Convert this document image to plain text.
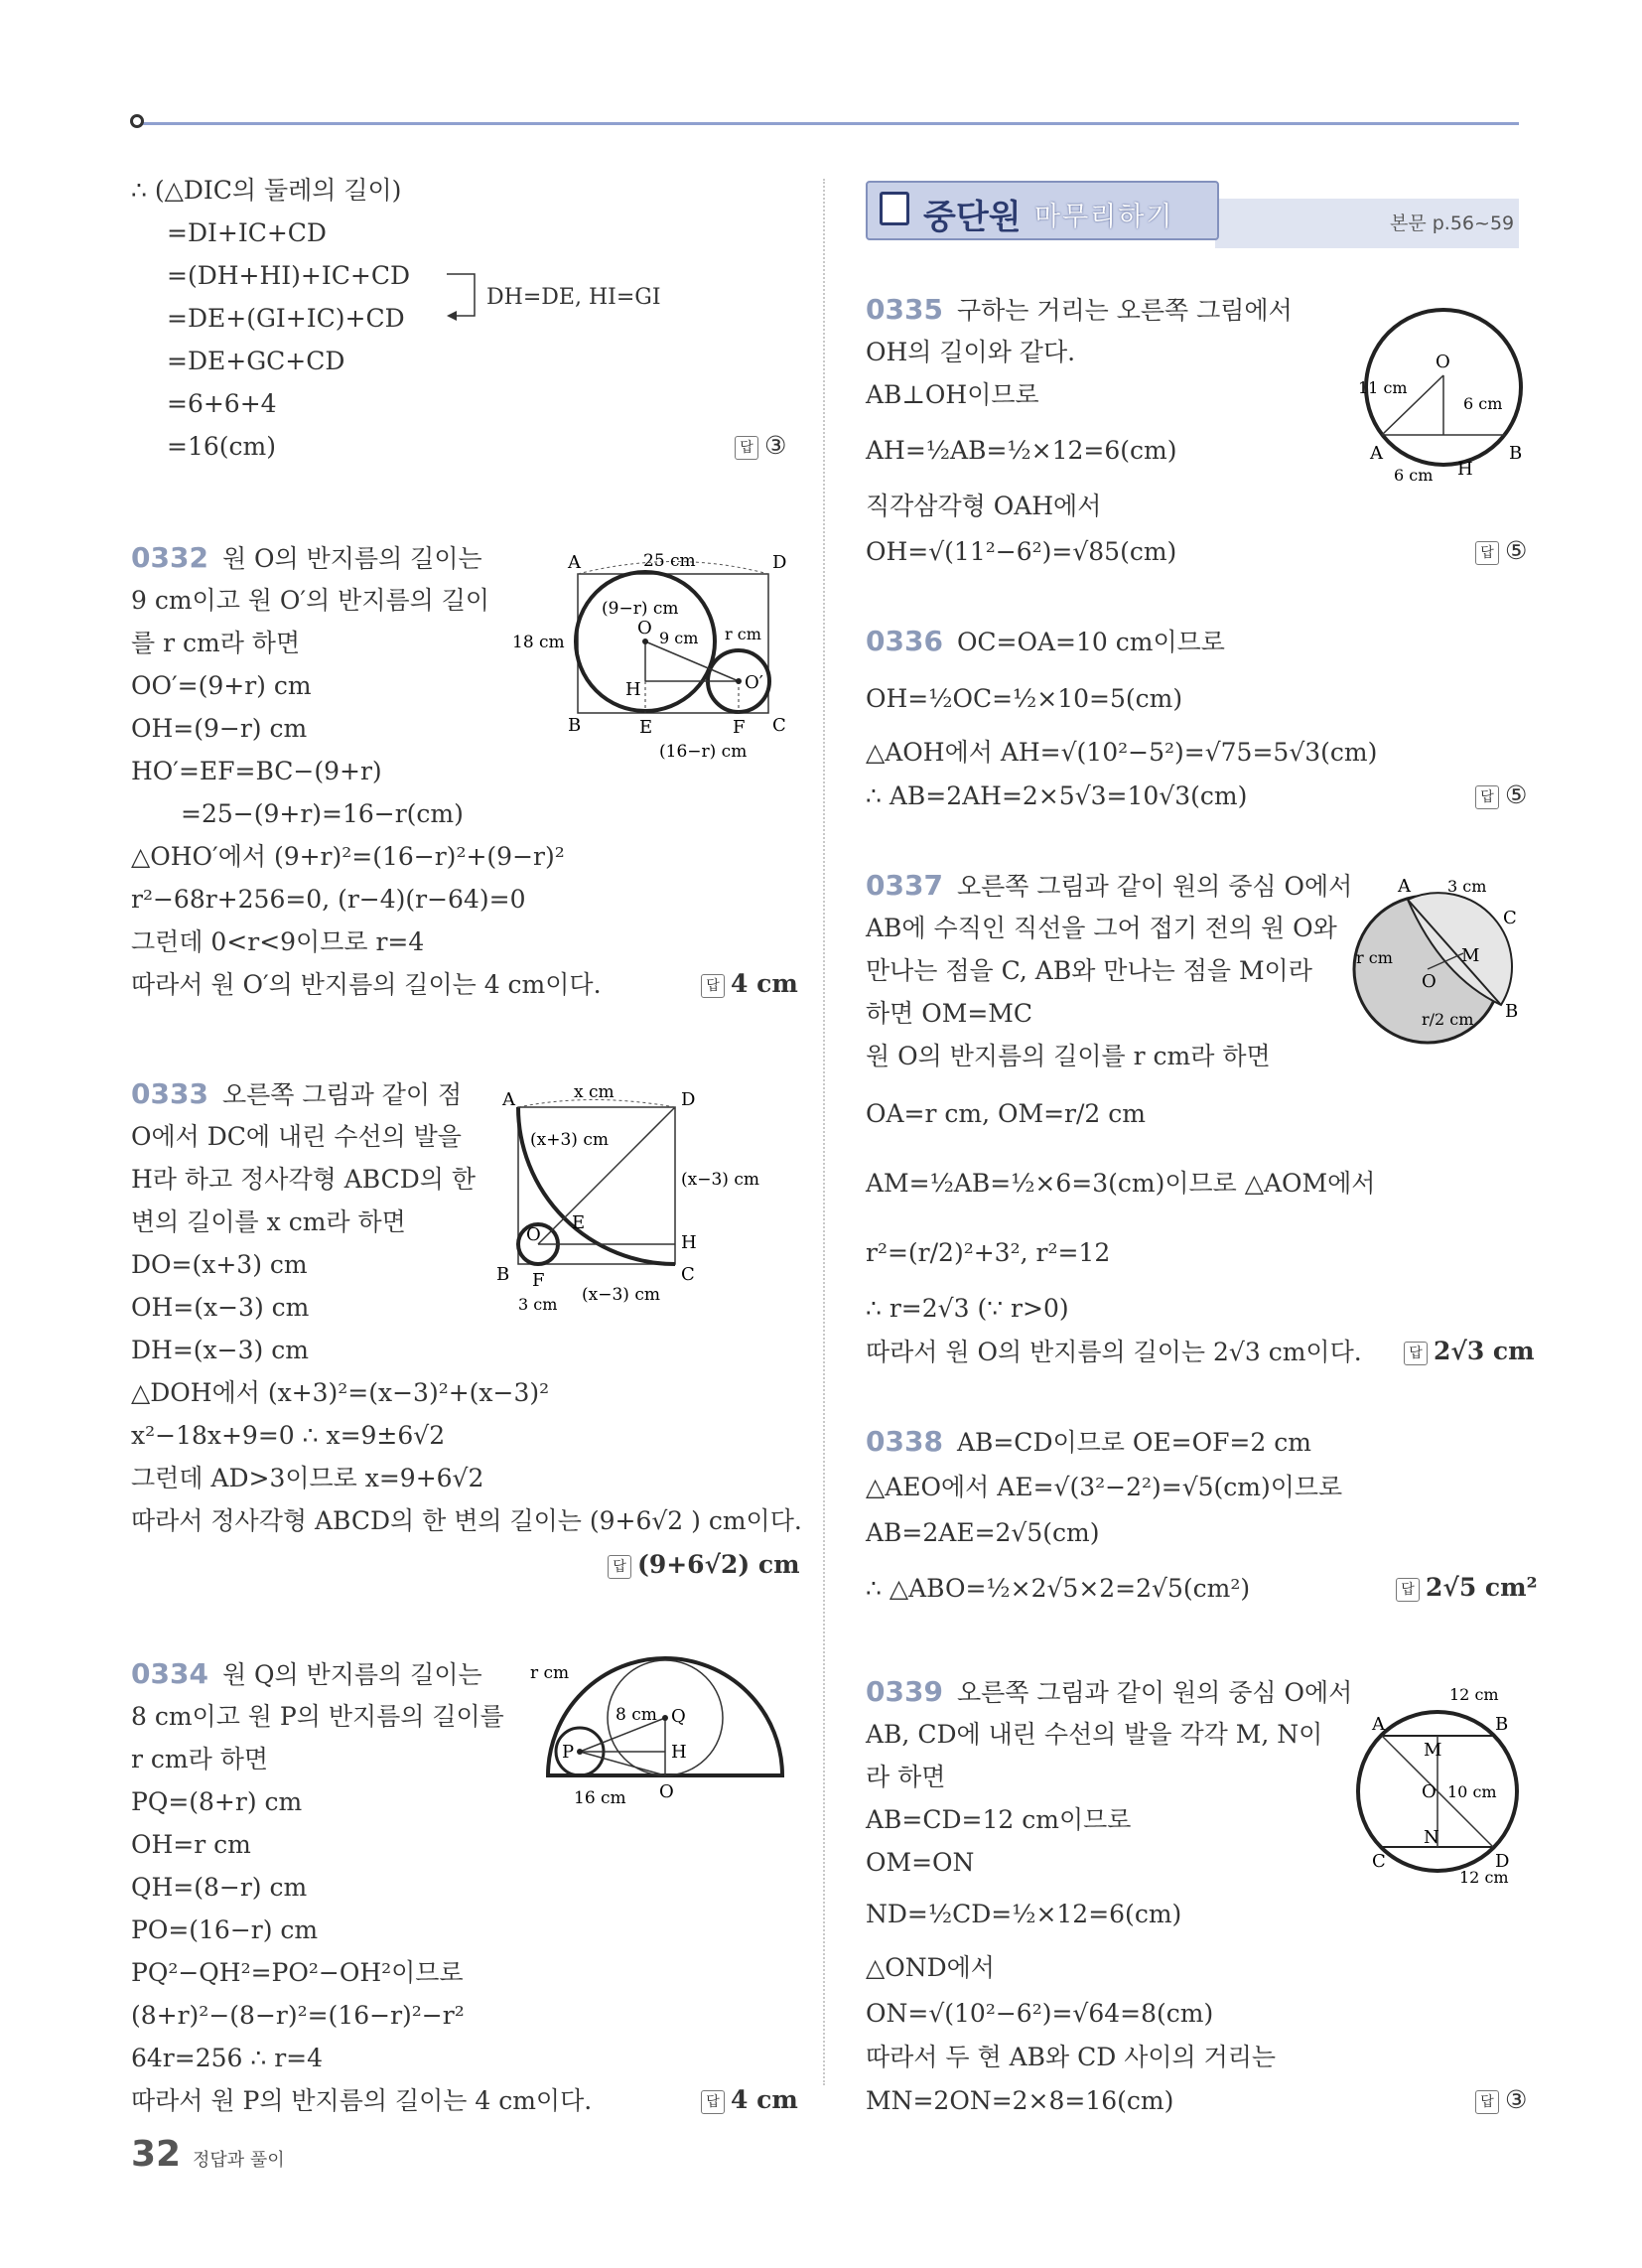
∴ (△DIC의 둘레의 길이)
=DI+IC+CD
=(DH+HI)+IC+CD
=DE+(GI+IC)+CD
=DE+GC+CD
=6+6+4
=16(cm)
DH=DE, HI=GI
답 ③
0332 원 O의 반지름의 길이는
9 cm이고 원 O′의 반지름의 길이
를 r cm라 하면
OO′=(9+r) cm
OH=(9−r) cm
HO′=EF=BC−(9+r)
=25−(9+r)=16−r(cm)
△OHO′에서 (9+r)²=(16−r)²+(9−r)²
r²−68r+256=0, (r−4)(r−64)=0
그런데 0<r<9이므로 r=4
따라서 원 O′의 반지름의 길이는 4 cm이다.	답 4 cm
A	D
B	C
E	F
H
O
O′
25 cm
18 cm
(9−r) cm
9 cm r cm
(16−r) cm
0333 오른쪽 그림과 같이 점
O에서 DC에 내린 수선의 발을
H라 하고 정사각형 ABCD의 한
변의 길이를 x cm라 하면
DO=(x+3) cm
OH=(x−3) cm
DH=(x−3) cm
△DOH에서 (x+3)²=(x−3)²+(x−3)²
x²−18x+9=0 ∴ x=9±6√2
그런데 AD>3이므로 x=9+6√2
따라서 정사각형 ABCD의 한 변의 길이는 (9+6√2 ) cm이다.
답 (9+6√2) cm
A	D
B	C
E
F
H
O
x cm
(x+3) cm
(x−3) cm
(x−3) cm
3 cm
0334 원 Q의 반지름의 길이는
8 cm이고 원 P의 반지름의 길이를
r cm라 하면
PQ=(8+r) cm
OH=r cm
QH=(8−r) cm
PO=(16−r) cm
PQ²−QH²=PO²−OH²이므로
(8+r)²−(8−r)²=(16−r)²−r²
64r=256 ∴ r=4
따라서 원 P의 반지름의 길이는 4 cm이다.	답 4 cm
r cm
8 cm
16 cm
P
Q
H
O
중단원 마무리하기	본문 p.56~59
0335 구하는 거리는 오른쪽 그림에서
OH의 길이와 같다.
AB⊥OH이므로
AH=½AB=½×12=6(cm)
직각삼각형 OAH에서
OH=√(11²−6²)=√85(cm)	답 ⑤
O
A	B
H
11 cm
6 cm
6 cm
0336 OC=OA=10 cm이므로
OH=½OC=½×10=5(cm)
△AOH에서 AH=√(10²−5²)=√75=5√3(cm)
∴ AB=2AH=2×5√3=10√3(cm)	답 ⑤
0337 오른쪽 그림과 같이 원의 중심 O에서
AB에 수직인 직선을 그어 접기 전의 원 O와
만나는 점을 C, AB와 만나는 점을 M이라
하면 OM=MC
원 O의 반지름의 길이를 r cm라 하면
OA=r cm, OM=r/2 cm
AM=½AB=½×6=3(cm)이므로 △AOM에서
r²=(r/2)²+3², r²=12
∴ r=2√3 (∵ r>0)
따라서 원 O의 반지름의 길이는 2√3 cm이다.	답 2√3 cm
A
B
C
M
O
3 cm
r cm
r/2 cm
0338 AB=CD이므로 OE=OF=2 cm
△AEO에서 AE=√(3²−2²)=√5(cm)이므로
AB=2AE=2√5(cm)
∴ △ABO=½×2√5×2=2√5(cm²)	답 2√5 cm²
0339 오른쪽 그림과 같이 원의 중심 O에서
AB, CD에 내린 수선의 발을 각각 M, N이
라 하면
AB=CD=12 cm이므로
OM=ON
ND=½CD=½×12=6(cm)
△OND에서
ON=√(10²−6²)=√64=8(cm)
따라서 두 현 AB와 CD 사이의 거리는
MN=2ON=2×8=16(cm)	답 ③
A	B
C	D
M
N
O
12 cm
10 cm
12 cm
32 정답과 풀이
